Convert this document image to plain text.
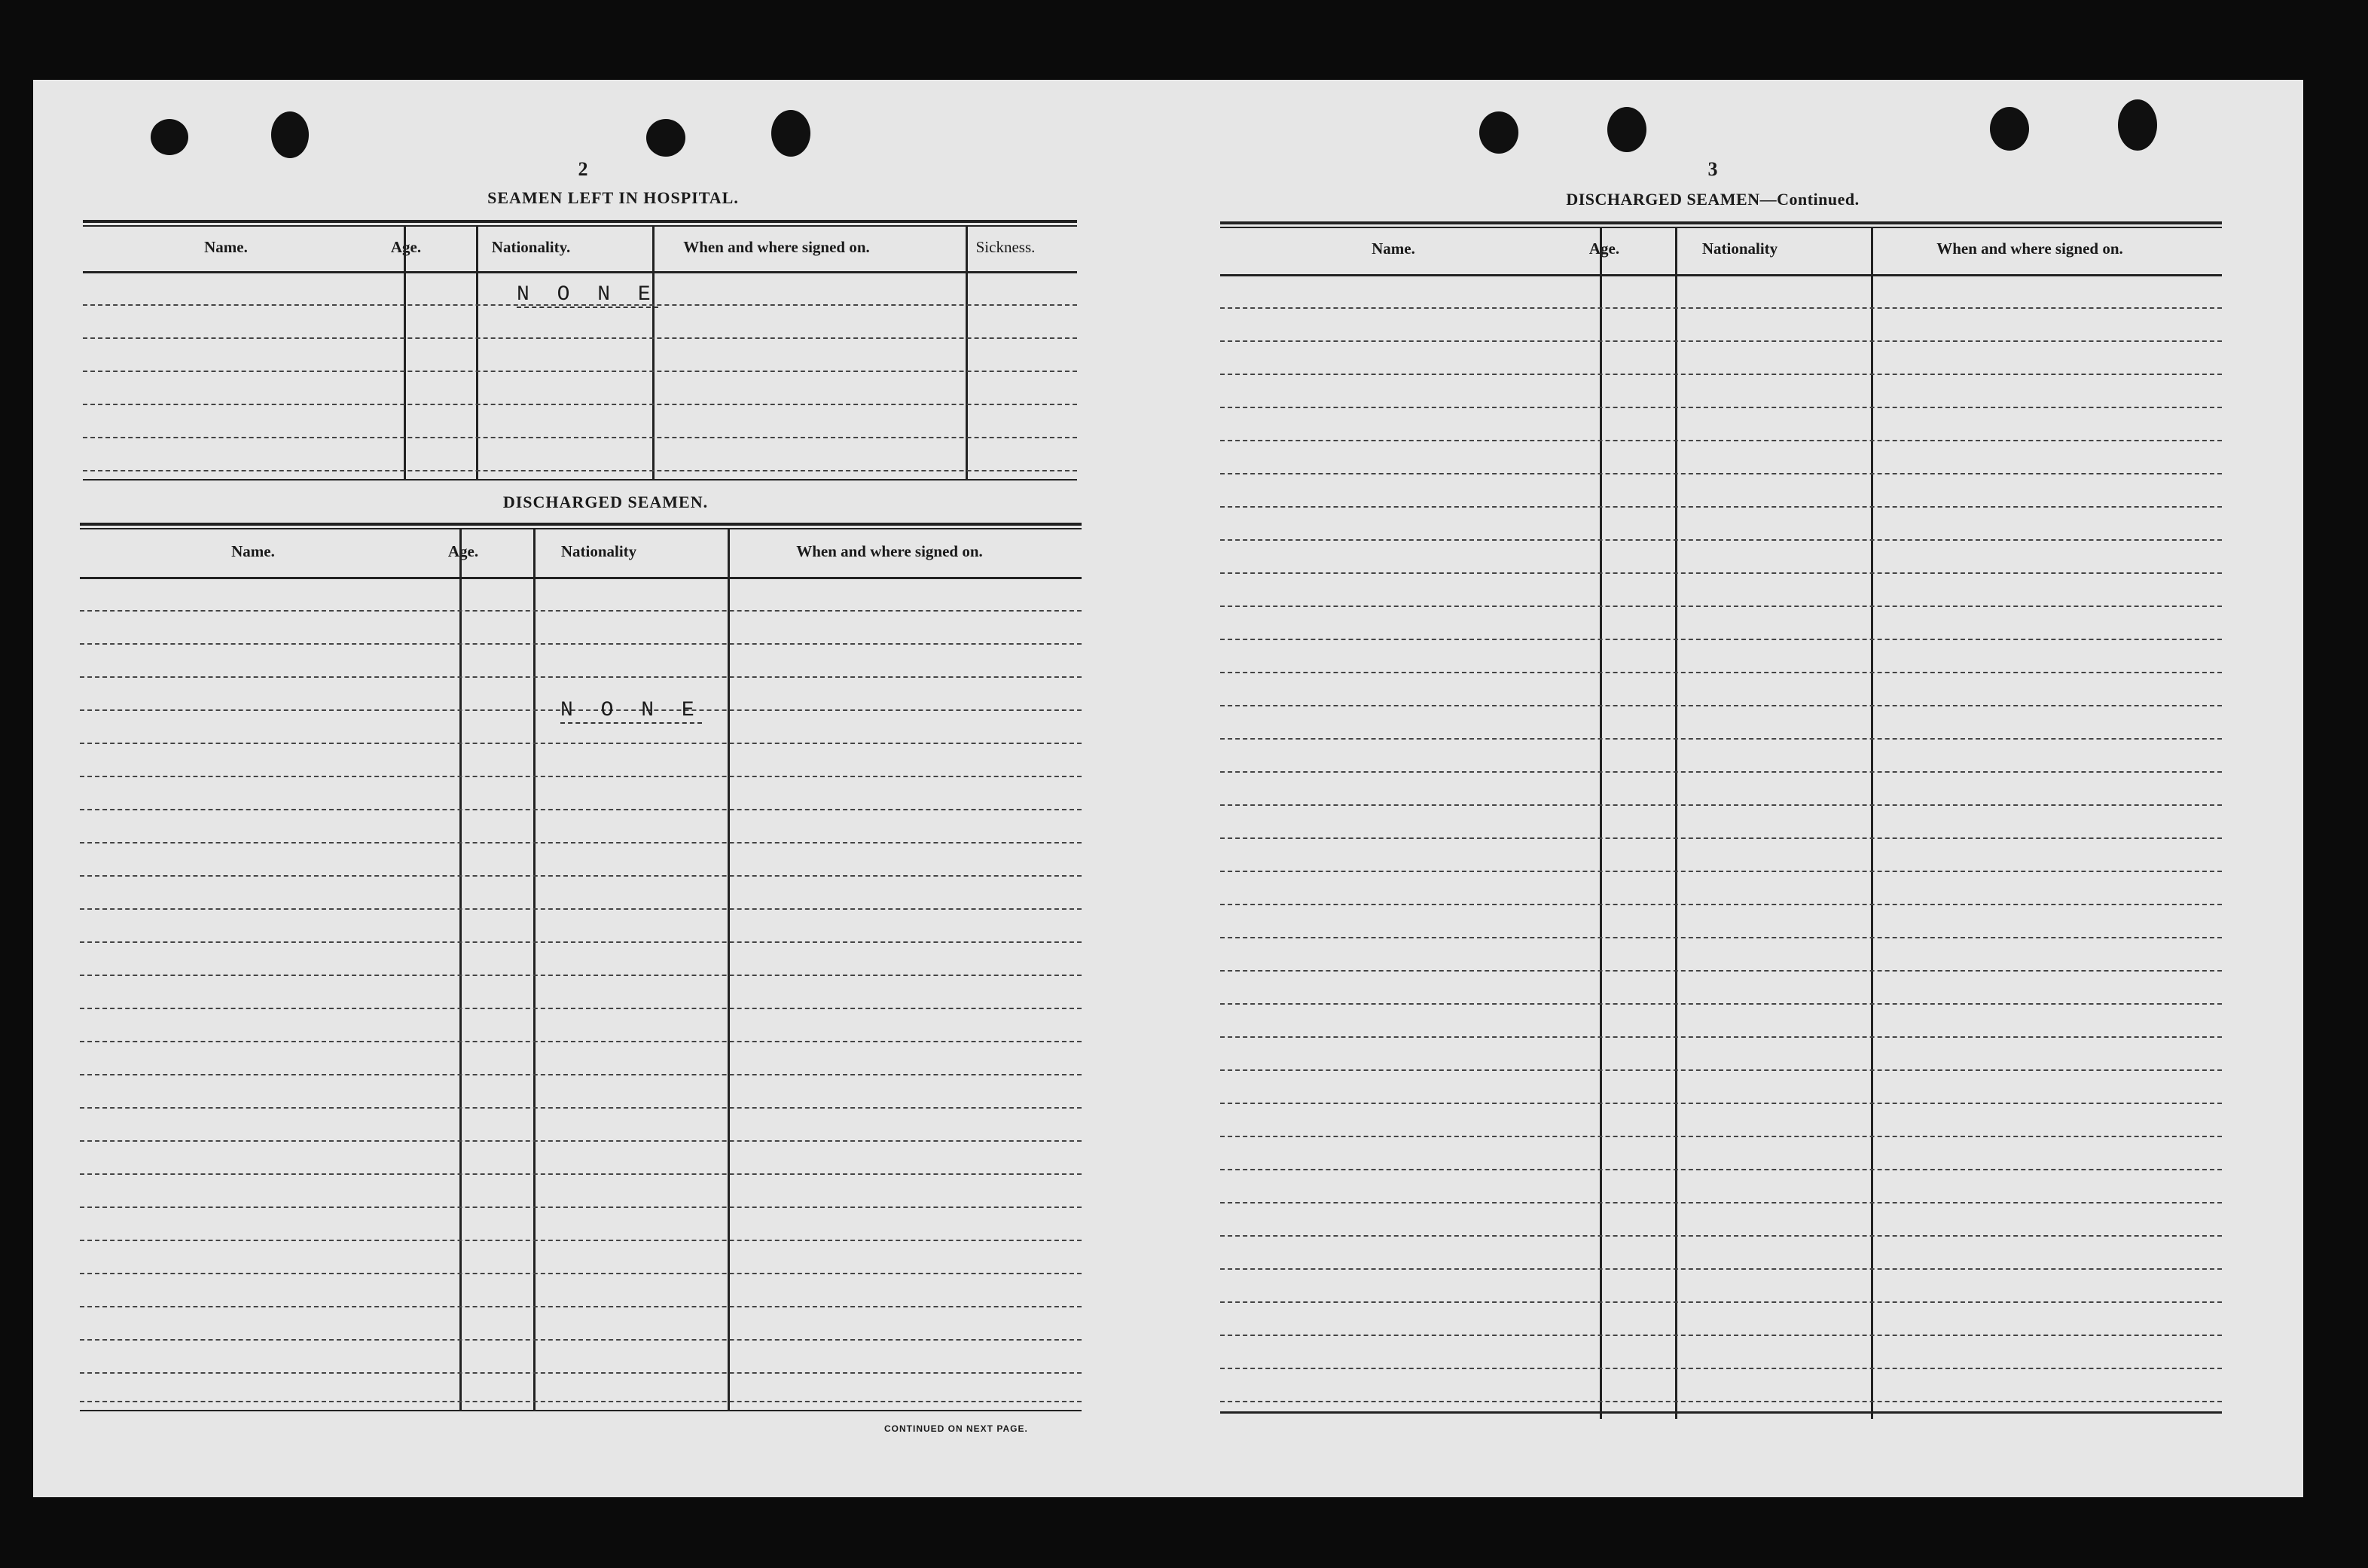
2
SEAMEN LEFT IN HOSPITAL.
Name.	Age.	Nationality.	When and where signed on.	Sickness.
N O N E
DISCHARGED SEAMEN.
Name.	Age.	Nationality	When and where signed on.
N O N E
CONTINUED ON NEXT PAGE.
3
DISCHARGED SEAMEN—Continued.
Name.	Age.	Nationality	When and where signed on.
